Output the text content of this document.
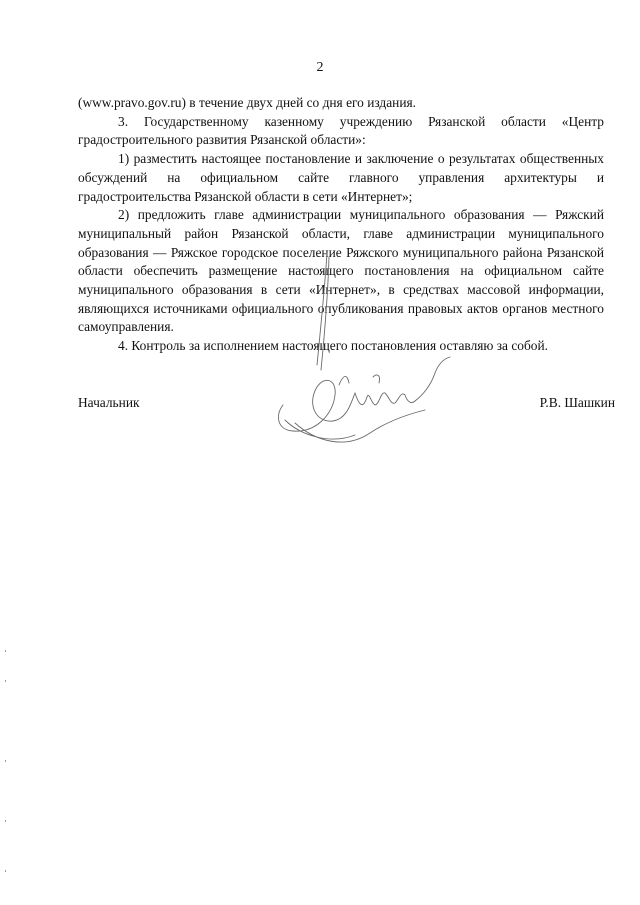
2

(www.pravo.gov.ru) в течение двух дней со дня его издания.

3. Государственному казенному учреждению Рязанской области «Центр градостроительного развития Рязанской области»:

1) разместить настоящее постановление и заключение о результатах общественных обсуждений на официальном сайте главного управления архитектуры и градостроительства Рязанской области в сети «Интернет»;

2) предложить главе администрации муниципального образования — Ряжский муниципальный район Рязанской области, главе администрации муниципального образования — Ряжское городское поселение Ряжского муниципального района Рязанской области обеспечить размещение настоящего постановления на официальном сайте муниципального образования в сети «Интернет», в средствах массовой информации, являющихся источниками официального опубликования правовых актов органов местного самоуправления.

4. Контроль за исполнением настоящего постановления оставляю за собой.

Начальник	Р.В. Шашкин
